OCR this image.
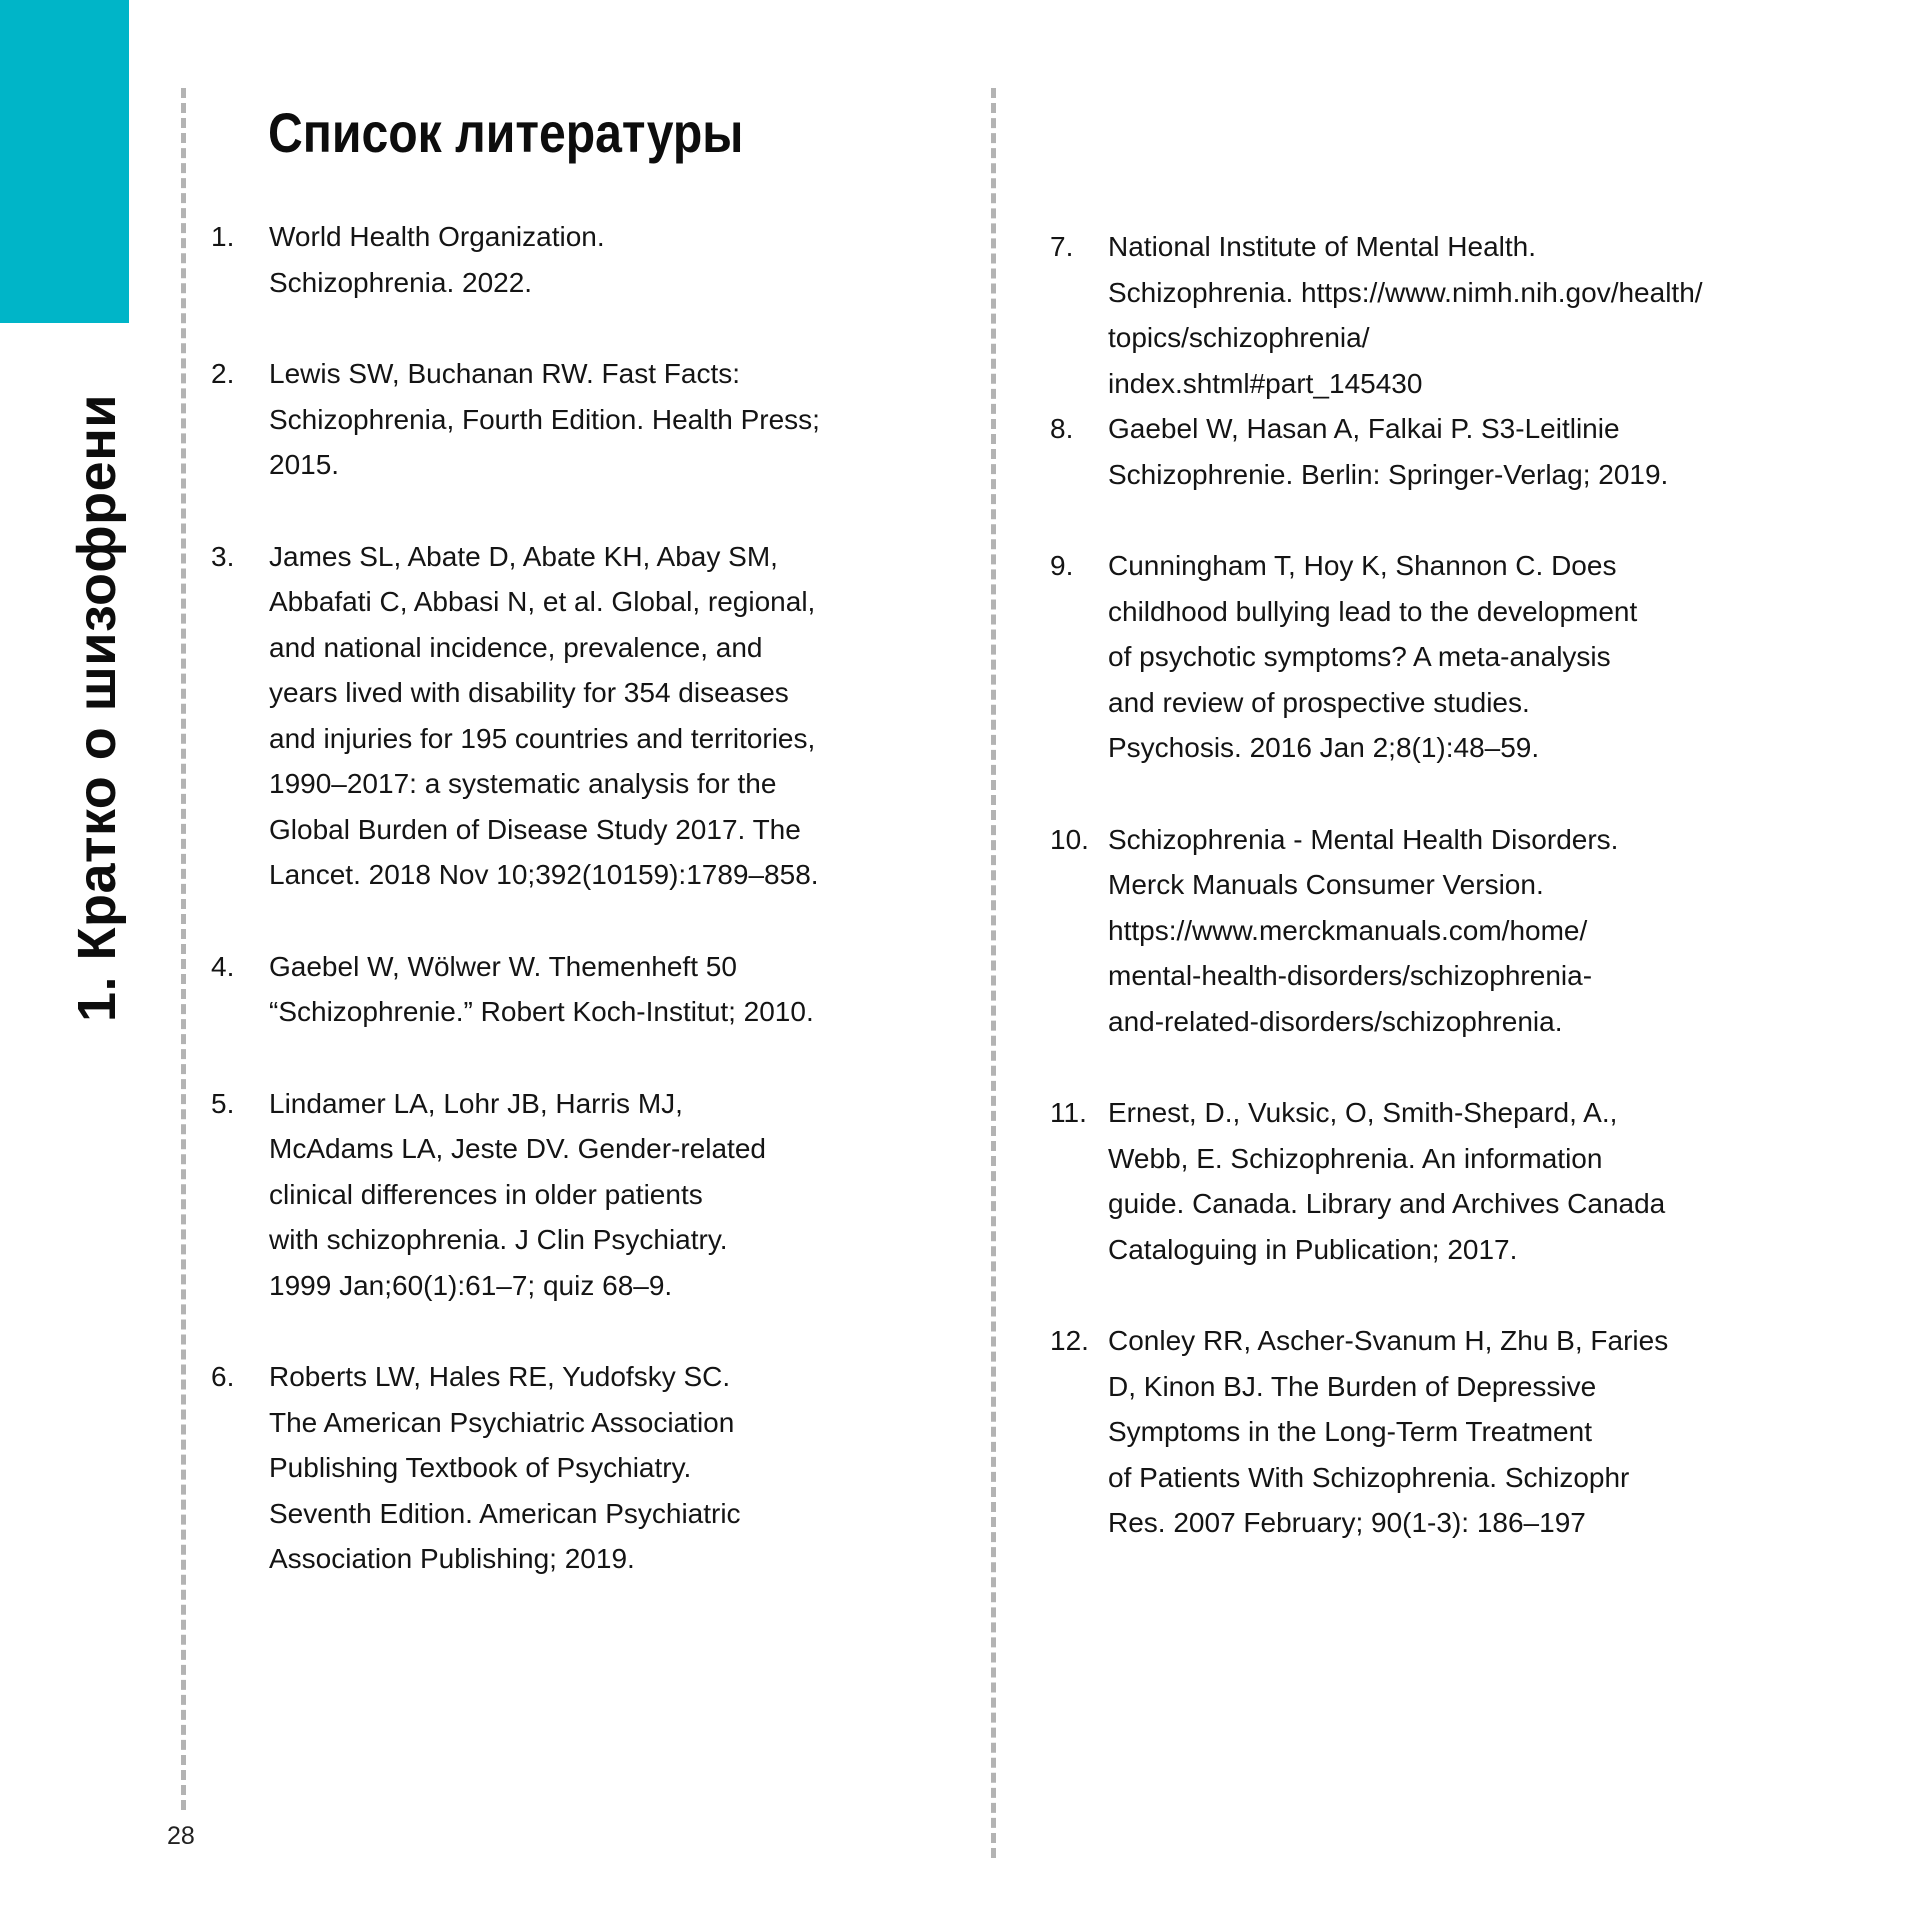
1. Кратко о шизофрени
Список литературы
1. World Health Organization.
Schizophrenia. 2022.
2. Lewis SW, Buchanan RW. Fast Facts:
Schizophrenia, Fourth Edition. Health Press;
2015.
3. James SL, Abate D, Abate KH, Abay SM,
Abbafati C, Abbasi N, et al. Global, regional,
and national incidence, prevalence, and
years lived with disability for 354 diseases
and injuries for 195 countries and territories,
1990–2017: a systematic analysis for the
Global Burden of Disease Study 2017. The
Lancet. 2018 Nov 10;392(10159):1789–858.
4. Gaebel W, Wölwer W. Themenheft 50
“Schizophrenie.” Robert Koch-Institut; 2010.
5. Lindamer LA, Lohr JB, Harris MJ,
McAdams LA, Jeste DV. Gender-related
clinical differences in older patients
with schizophrenia. J Clin Psychiatry.
1999 Jan;60(1):61–7; quiz 68–9.
6. Roberts LW, Hales RE, Yudofsky SC.
The American Psychiatric Association
Publishing Textbook of Psychiatry.
Seventh Edition. American Psychiatric
Association Publishing; 2019.
7. National Institute of Mental Health.
Schizophrenia. https://www.nimh.nih.gov/health/
topics/schizophrenia/
index.shtml#part_145430
8. Gaebel W, Hasan A, Falkai P. S3-Leitlinie
Schizophrenie. Berlin: Springer-Verlag; 2019.
9. Cunningham T, Hoy K, Shannon C. Does
childhood bullying lead to the development
of psychotic symptoms? A meta-analysis
and review of prospective studies.
Psychosis. 2016 Jan 2;8(1):48–59.
10. Schizophrenia - Mental Health Disorders.
Merck Manuals Consumer Version.
https://www.merckmanuals.com/home/
mental-health-disorders/schizophrenia-
and-related-disorders/schizophrenia.
11. Ernest, D., Vuksic, O, Smith-Shepard, A.,
Webb, E. Schizophrenia. An information
guide. Canada. Library and Archives Canada
Cataloguing in Publication; 2017.
12. Conley RR, Ascher-Svanum H, Zhu B, Faries
D, Kinon BJ. The Burden of Depressive
Symptoms in the Long-Term Treatment
of Patients With Schizophrenia. Schizophr
Res. 2007 February; 90(1-3): 186–197
28
